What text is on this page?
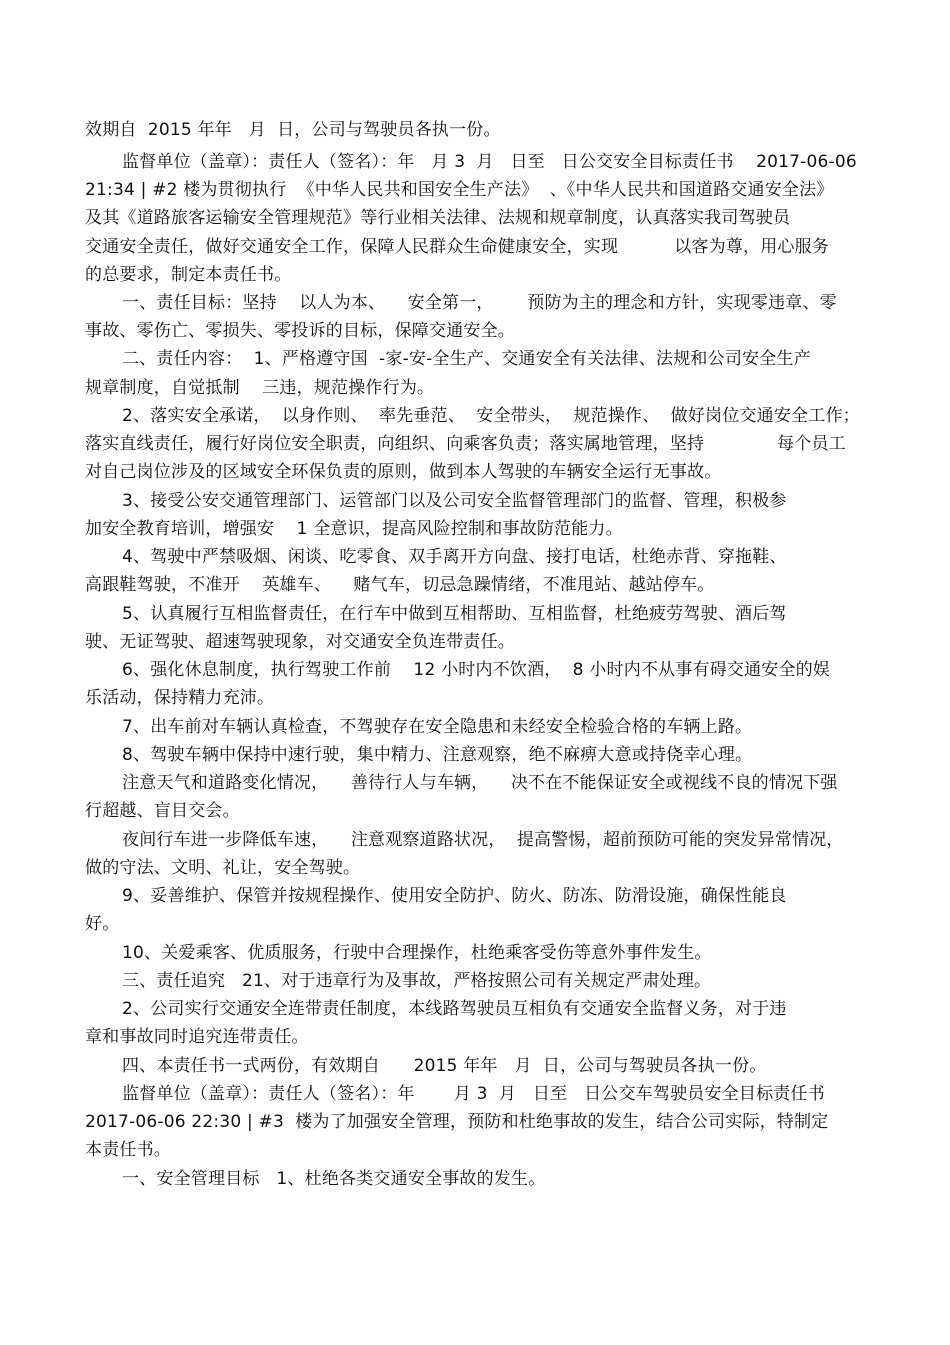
效期自  2015 年年   月  日，公司与驾驶员各执一份。
监督单位（盖章）：责任人（签名）：年   月 3  月   日至   日公交安全目标责任书    2017-06-06
21:34 | #2 楼为贯彻执行  《中华人民共和国安全生产法》  、《中华人民共和国道路交通安全法》
及其《道路旅客运输安全管理规范》等行业相关法律、法规和规章制度，认真落实我司驾驶员
交通安全责任，做好交通安全工作，保障人民群众生命健康安全，实现          以客为尊，用心服务
的总要求，制定本责任书。
一、责任目标：坚持    以人为本、    安全第一，      预防为主的理念和方针，实现零违章、零
事故、零伤亡、零损失、零投诉的目标，保障交通安全。
二、责任内容：  1、严格遵守国  -家-安-全生产、交通安全有关法律、法规和公司安全生产
规章制度，自觉抵制    三违，规范操作行为。
2、落实安全承诺，  以身作则、  率先垂范、  安全带头，  规范操作、  做好岗位交通安全工作；
落实直线责任，履行好岗位安全职责，向组织、向乘客负责；落实属地管理，坚持             每个员工
对自己岗位涉及的区域安全环保负责的原则，做到本人驾驶的车辆安全运行无事故。
3、接受公安交通管理部门、运管部门以及公司安全监督管理部门的监督、管理，积极参
加安全教育培训，增强安    1 全意识，提高风险控制和事故防范能力。
4、驾驶中严禁吸烟、闲谈、吃零食、双手离开方向盘、接打电话，杜绝赤背、穿拖鞋、
高跟鞋驾驶，不准开    英雄车、    赌气车，切忌急躁情绪，不准甩站、越站停车。
5、认真履行互相监督责任，在行车中做到互相帮助、互相监督，杜绝疲劳驾驶、酒后驾
驶、无证驾驶、超速驾驶现象，对交通安全负连带责任。
6、强化休息制度，执行驾驶工作前    12 小时内不饮酒，  8 小时内不从事有碍交通安全的娱
乐活动，保持精力充沛。
7、出车前对车辆认真检查，不驾驶存在安全隐患和未经安全检验合格的车辆上路。
8、驾驶车辆中保持中速行驶，集中精力、注意观察，绝不麻痹大意或持侥幸心理。
注意天气和道路变化情况，    善待行人与车辆，    决不在不能保证安全或视线不良的情况下强
行超越、盲目交会。
夜间行车进一步降低车速，    注意观察道路状况，  提高警惕，超前预防可能的突发异常情况，
做的守法、文明、礼让，安全驾驶。
9、妥善维护、保管并按规程操作、使用安全防护、防火、防冻、防滑设施，确保性能良
好。
10、关爱乘客、优质服务，行驶中合理操作，杜绝乘客受伤等意外事件发生。
三、责任追究   21、对于违章行为及事故，严格按照公司有关规定严肃处理。
2、公司实行交通安全连带责任制度，本线路驾驶员互相负有交通安全监督义务，对于违
章和事故同时追究连带责任。
四、本责任书一式两份，有效期自      2015 年年   月  日，公司与驾驶员各执一份。
监督单位（盖章）：责任人（签名）：年       月 3  月   日至   日公交车驾驶员安全目标责任书
2017-06-06 22:30 | #3  楼为了加强安全管理，预防和杜绝事故的发生，结合公司实际，特制定
本责任书。
一、安全管理目标   1、杜绝各类交通安全事故的发生。
